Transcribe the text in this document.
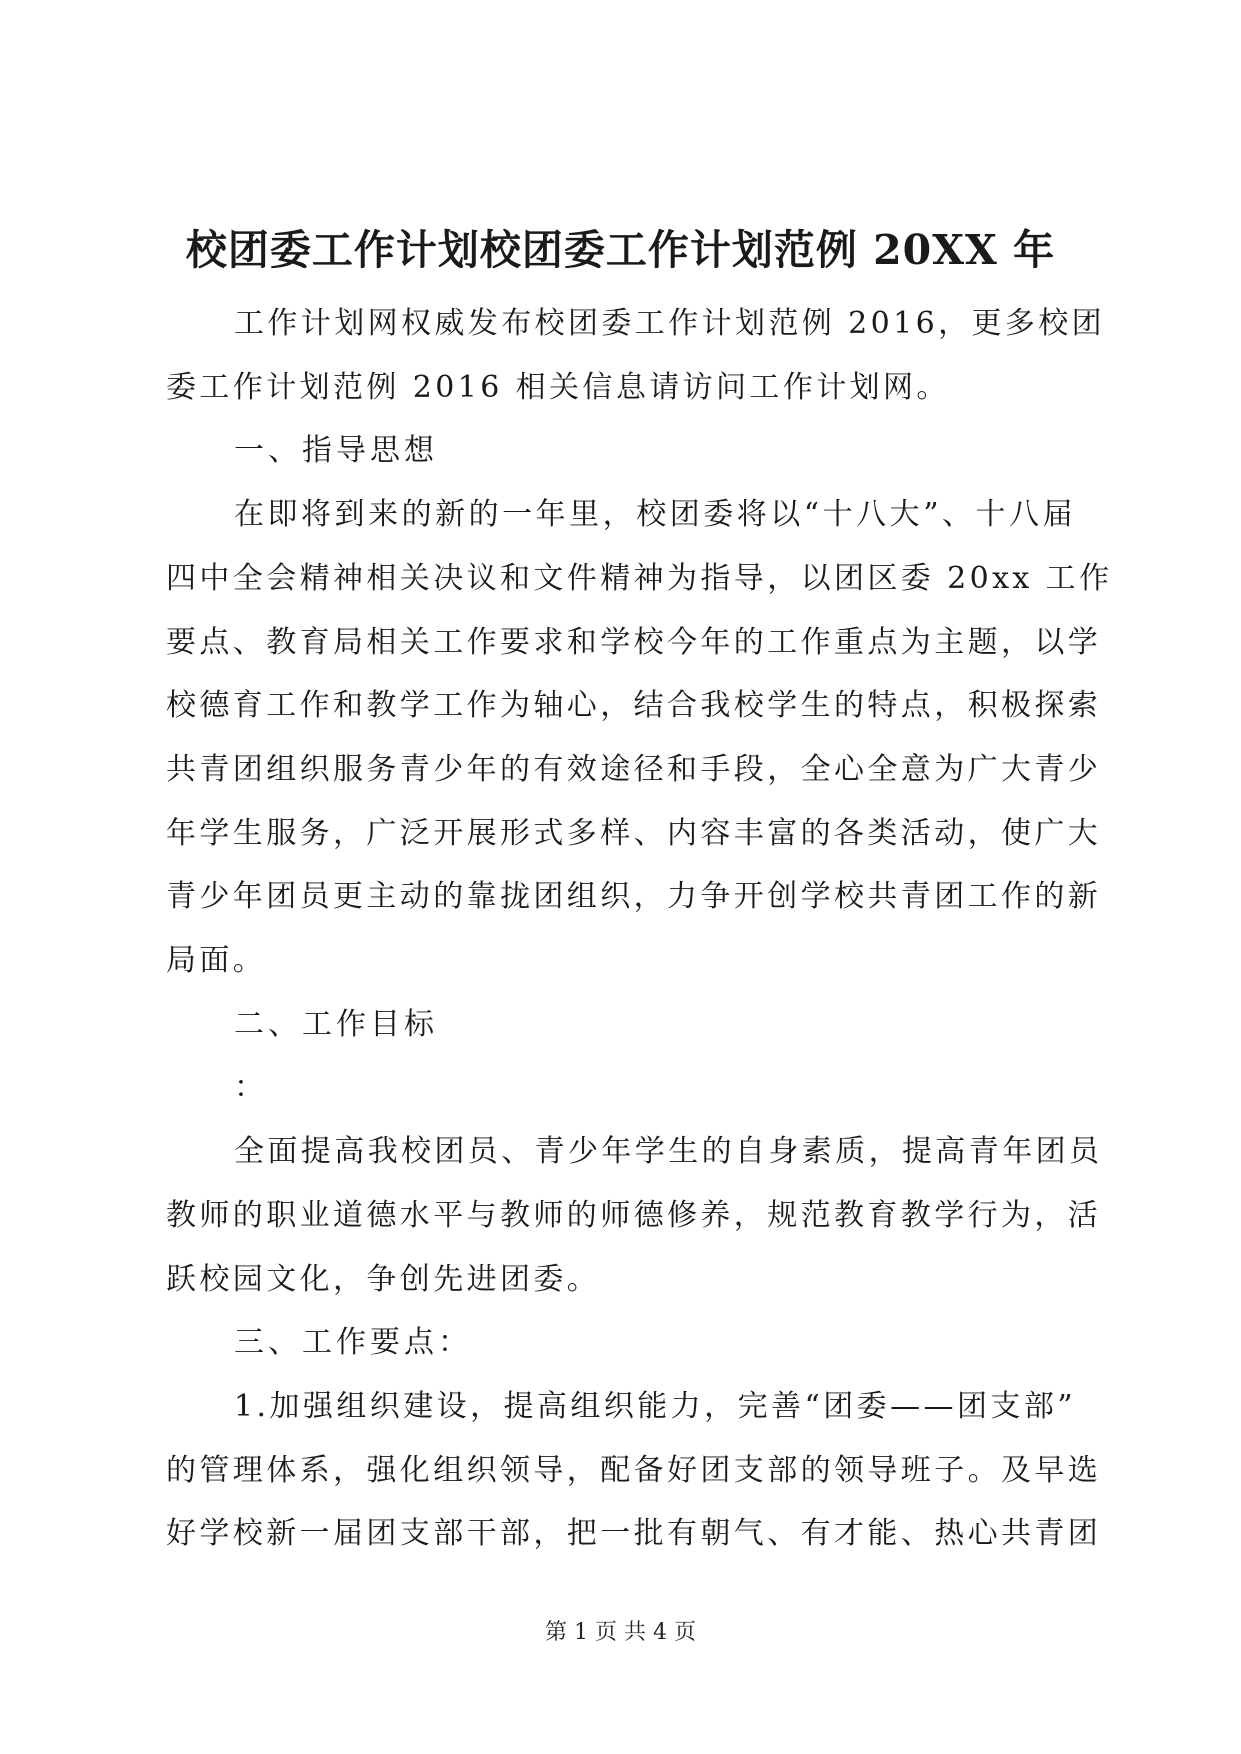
校团委工作计划校团委工作计划范例 20XX 年
工作计划网权威发布校团委工作计划范例 2016，更多校团
委工作计划范例 2016 相关信息请访问工作计划网。

一、指导思想

在即将到来的新的一年里，校团委将以“十八大”、十八届
四中全会精神相关决议和文件精神为指导，以团区委 20xx 工作
要点、教育局相关工作要求和学校今年的工作重点为主题，以学
校德育工作和教学工作为轴心，结合我校学生的特点，积极探索
共青团组织服务青少年的有效途径和手段，全心全意为广大青少
年学生服务，广泛开展形式多样、内容丰富的各类活动，使广大
青少年团员更主动的靠拢团组织，力争开创学校共青团工作的新
局面。

二、工作目标

：

全面提高我校团员、青少年学生的自身素质，提高青年团员
教师的职业道德水平与教师的师德修养，规范教育教学行为，活
跃校园文化，争创先进团委。

三、工作要点：

1.加强组织建设，提高组织能力，完善“团委——团支部”
的管理体系，强化组织领导，配备好团支部的领导班子。及早选
好学校新一届团支部干部，把一批有朝气、有才能、热心共青团
第 1 页 共 4 页
